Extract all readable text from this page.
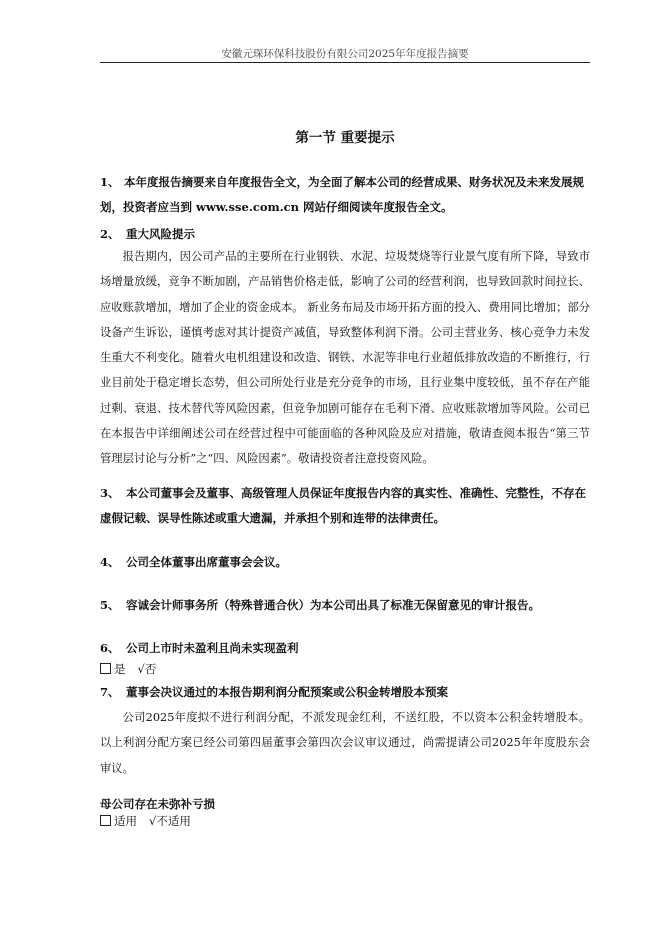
安徽元琛环保科技股份有限公司2025年年度报告摘要
第一节 重要提示
1、 本年度报告摘要来自年度报告全文，为全面了解本公司的经营成果、财务状况及未来发展规划，投资者应当到 www.sse.com.cn 网站仔细阅读年度报告全文。
2、 重大风险提示
报告期内，因公司产品的主要所在行业钢铁、水泥、垃圾焚烧等行业景气度有所下降，导致市场增量放缓，竞争不断加剧，产品销售价格走低，影响了公司的经营利润，也导致回款时间拉长、应收账款增加，增加了企业的资金成本。 新业务布局及市场开拓方面的投入、费用同比增加；部分设备产生诉讼，谨慎考虑对其计提资产减值，导致整体利润下滑。公司主营业务、核心竞争力未发生重大不利变化。随着火电机组建设和改造、钢铁、水泥等非电行业超低排放改造的不断推行，行业目前处于稳定增长态势，但公司所处行业是充分竞争的市场，且行业集中度较低，虽不存在产能过剩、衰退、技术替代等风险因素，但竞争加剧可能存在毛利下滑、应收账款增加等风险。公司已在本报告中详细阐述公司在经营过程中可能面临的各种风险及应对措施，敬请查阅本报告“第三节管理层讨论与分析”之“四、风险因素”。敬请投资者注意投资风险。
3、 本公司董事会及董事、高级管理人员保证年度报告内容的真实性、准确性、完整性，不存在虚假记载、误导性陈述或重大遗漏，并承担个别和连带的法律责任。
4、 公司全体董事出席董事会会议。
5、 容诚会计师事务所（特殊普通合伙）为本公司出具了标准无保留意见的审计报告。
6、 公司上市时未盈利且尚未实现盈利
是 √否
7、 董事会决议通过的本报告期利润分配预案或公积金转增股本预案
公司2025年度拟不进行利润分配，不派发现金红利，不送红股，不以资本公积金转增股本。以上利润分配方案已经公司第四届董事会第四次会议审议通过，尚需提请公司2025年年度股东会审议。
母公司存在未弥补亏损
适用 √不适用
